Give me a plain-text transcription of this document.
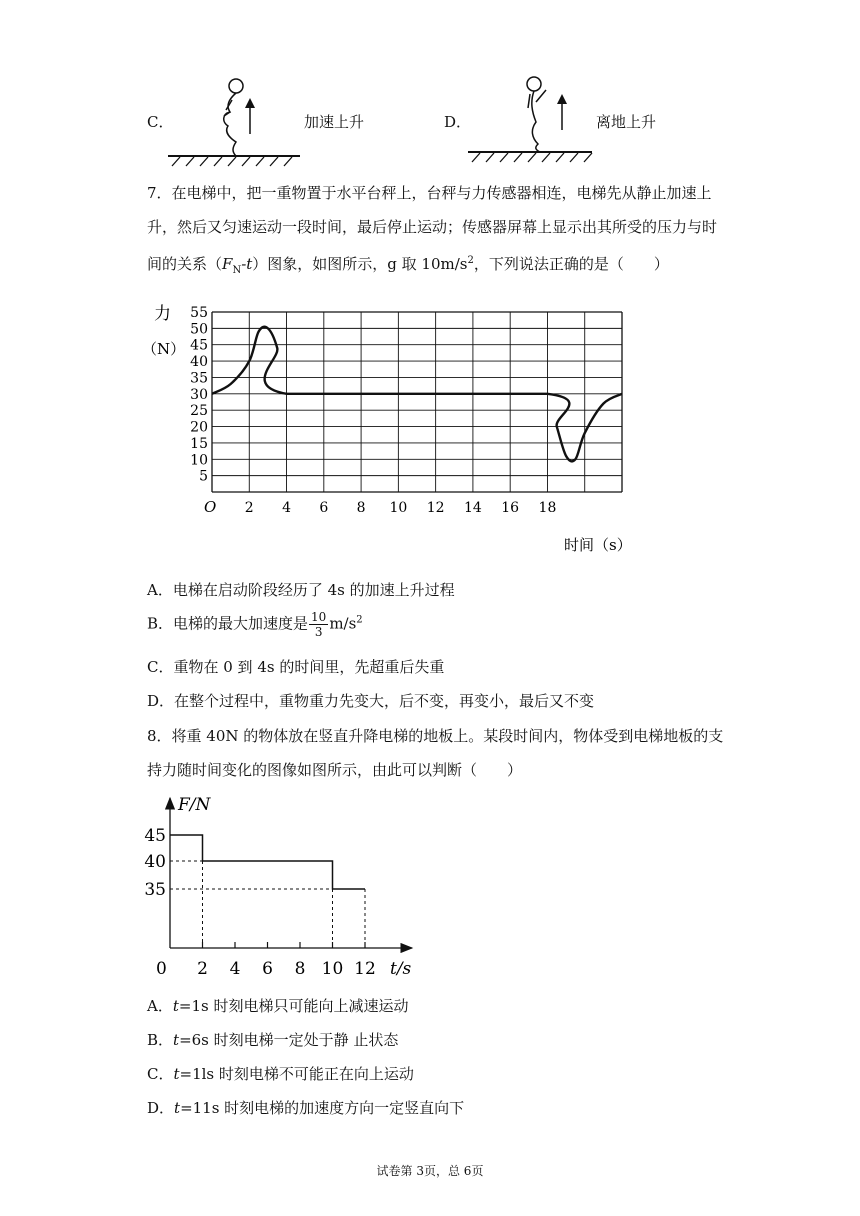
C．	加速上升	D．	离地上升
7．在电梯中，把一重物置于水平台秤上，台秤与力传感器相连，电梯先从静止加速上
升，然后又匀速运动一段时间，最后停止运动；传感器屏幕上显示出其所受的压力与时
间的关系$(F_N-t)$图象，如图所示，g 取 $10m/s^2$，下列说法正确的是（　　）
55
50
45
40
35
30
25
20
15
10
5
2 4 6 8 10 12 14 16 18
力
（N）
O
时间（s）
A．电梯在启动阶段经历了 4s 的加速上升过程
B．电梯的最大加速度是 $\frac{10}{3} m/s^2$
C．重物在 0 到 4s 的时间里，先超重后失重
D．在整个过程中，重物重力先变大，后不变，再变小，最后又不变
8．将重 40N 的物体放在竖直升降电梯的地板上。某段时间内，物体受到电梯地板的支
持力随时间变化的图像如图所示，由此可以判断（　　）
45
40
35
2 4 6 8 10 12
F/N
0	t/s
A．t=1s 时刻电梯只可能向上减速运动
B．t=6s 时刻电梯一定处于静 止状态
C．t=1ls 时刻电梯不可能正在向上运动
D．t=11s 时刻电梯的加速度方向一定竖直向下
试卷第 3页，总 6页
